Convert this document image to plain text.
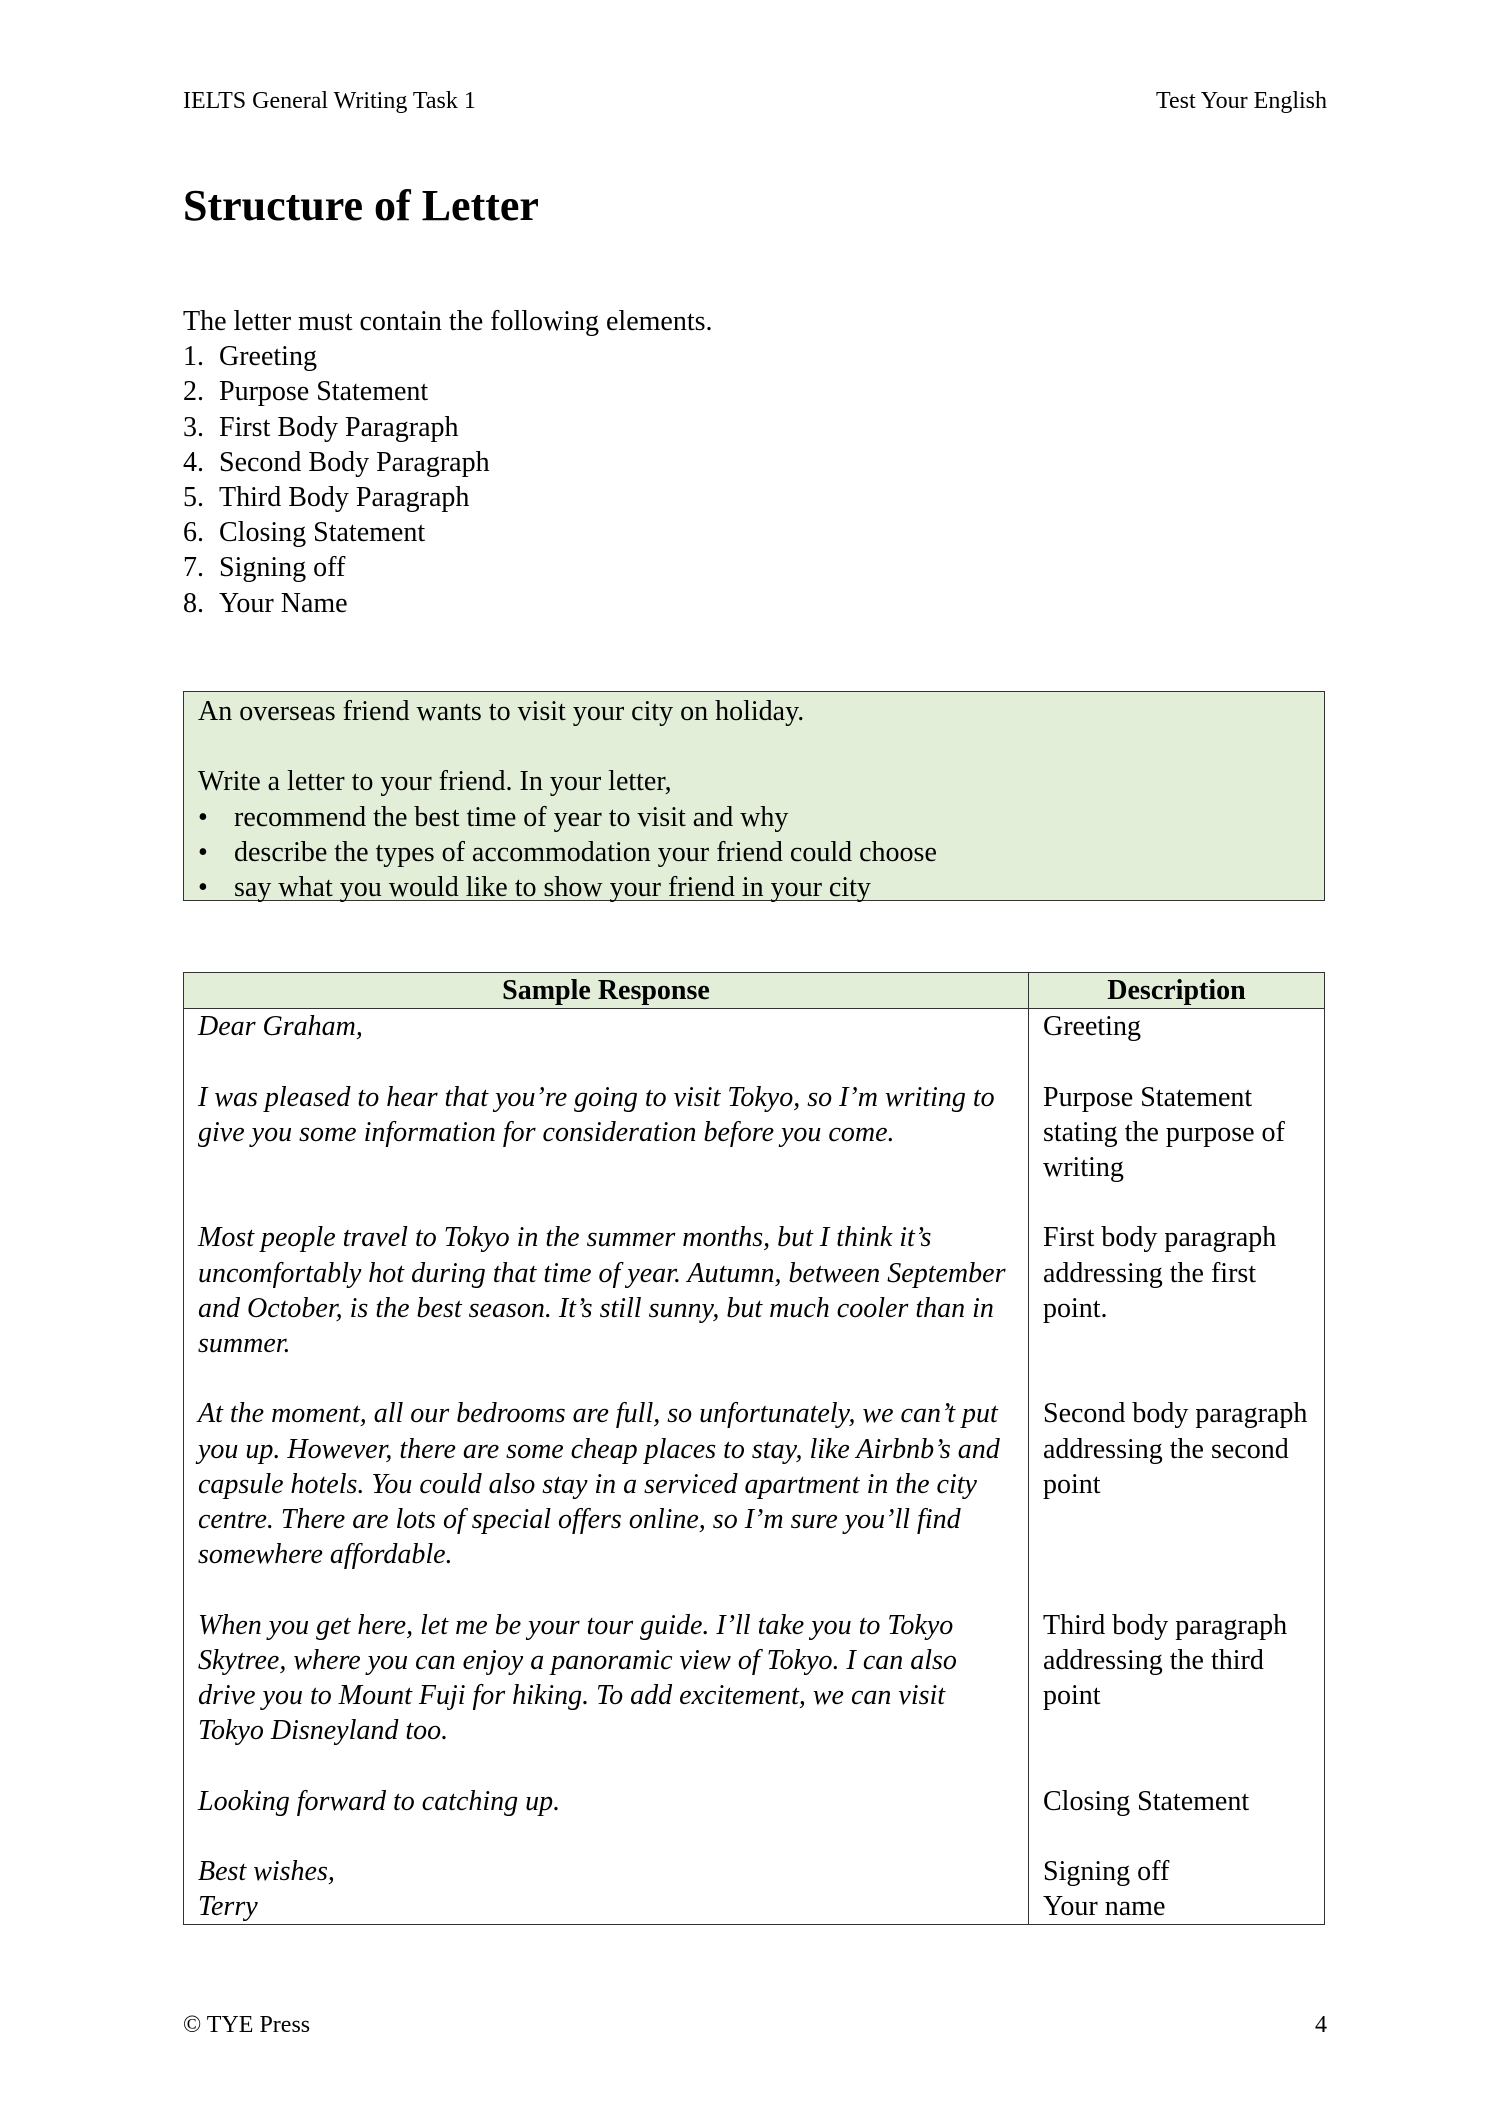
IELTS General Writing Task 1	Test Your English
Structure of Letter
The letter must contain the following elements.
1. Greeting
2. Purpose Statement
3. First Body Paragraph
4. Second Body Paragraph
5. Third Body Paragraph
6. Closing Statement
7. Signing off
8. Your Name
An overseas friend wants to visit your city on holiday.
Write a letter to your friend. In your letter,
• recommend the best time of year to visit and why
• describe the types of accommodation your friend could choose
• say what you would like to show your friend in your city
Sample Response	Description
Dear Graham,	Greeting

I was pleased to hear that you’re going to visit Tokyo, so I’m writing to give you some information for consideration before you come.	Purpose Statement stating the purpose of writing

Most people travel to Tokyo in the summer months, but I think it’s uncomfortably hot during that time of year. Autumn, between September and October, is the best season. It’s still sunny, but much cooler than in summer.	First body paragraph addressing the first point.

At the moment, all our bedrooms are full, so unfortunately, we can’t put you up. However, there are some cheap places to stay, like Airbnb’s and capsule hotels. You could also stay in a serviced apartment in the city centre. There are lots of special offers online, so I’m sure you’ll find somewhere affordable.	Second body paragraph addressing the second point

When you get here, let me be your tour guide. I’ll take you to Tokyo Skytree, where you can enjoy a panoramic view of Tokyo. I can also drive you to Mount Fuji for hiking. To add excitement, we can visit Tokyo Disneyland too.	Third body paragraph addressing the third point

Looking forward to catching up.	Closing Statement

Best wishes,	Signing off
Terry	Your name
© TYE Press	4
